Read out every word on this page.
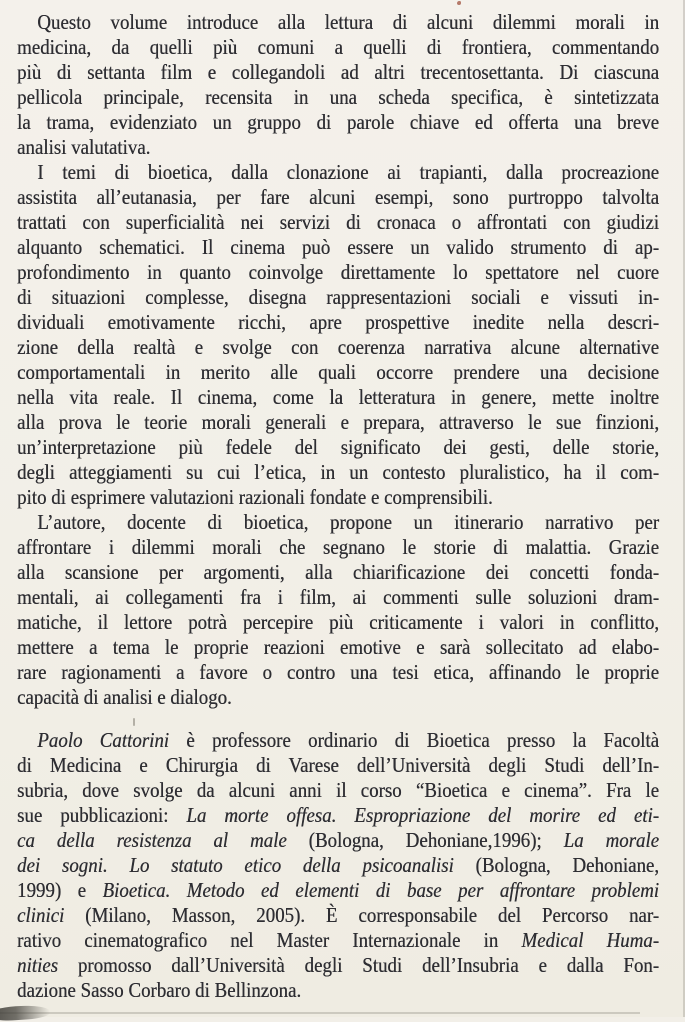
Questo volume introduce alla lettura di alcuni dilemmi morali in
medicina, da quelli più comuni a quelli di frontiera, commentando
più di settanta film e collegandoli ad altri trecentosettanta. Di ciascuna
pellicola principale, recensita in una scheda specifica, è sintetizzata
la trama, evidenziato un gruppo di parole chiave ed offerta una breve
analisi valutativa.
I temi di bioetica, dalla clonazione ai trapianti, dalla procreazione
assistita all’eutanasia, per fare alcuni esempi, sono purtroppo talvolta
trattati con superficialità nei servizi di cronaca o affrontati con giudizi
alquanto schematici. Il cinema può essere un valido strumento di ap-
profondimento in quanto coinvolge direttamente lo spettatore nel cuore
di situazioni complesse, disegna rappresentazioni sociali e vissuti in-
dividuali emotivamente ricchi, apre prospettive inedite nella descri-
zione della realtà e svolge con coerenza narrativa alcune alternative
comportamentali in merito alle quali occorre prendere una decisione
nella vita reale. Il cinema, come la letteratura in genere, mette inoltre
alla prova le teorie morali generali e prepara, attraverso le sue finzioni,
un’interpretazione più fedele del significato dei gesti, delle storie,
degli atteggiamenti su cui l’etica, in un contesto pluralistico, ha il com-
pito di esprimere valutazioni razionali fondate e comprensibili.
L’autore, docente di bioetica, propone un itinerario narrativo per
affrontare i dilemmi morali che segnano le storie di malattia. Grazie
alla scansione per argomenti, alla chiarificazione dei concetti fonda-
mentali, ai collegamenti fra i film, ai commenti sulle soluzioni dram-
matiche, il lettore potrà percepire più criticamente i valori in conflitto,
mettere a tema le proprie reazioni emotive e sarà sollecitato ad elabo-
rare ragionamenti a favore o contro una tesi etica, affinando le proprie
capacità di analisi e dialogo.
Paolo Cattorini è professore ordinario di Bioetica presso la Facoltà
di Medicina e Chirurgia di Varese dell’Università degli Studi dell’In-
subria, dove svolge da alcuni anni il corso “Bioetica e cinema”. Fra le
sue pubblicazioni: La morte offesa. Espropriazione del morire ed eti-
ca della resistenza al male (Bologna, Dehoniane,1996); La morale
dei sogni. Lo statuto etico della psicoanalisi (Bologna, Dehoniane,
1999) e Bioetica. Metodo ed elementi di base per affrontare problemi
clinici (Milano, Masson, 2005). È corresponsabile del Percorso nar-
rativo cinematografico nel Master Internazionale in Medical Huma-
nities promosso dall’Università degli Studi dell’Insubria e dalla Fon-
dazione Sasso Corbaro di Bellinzona.
